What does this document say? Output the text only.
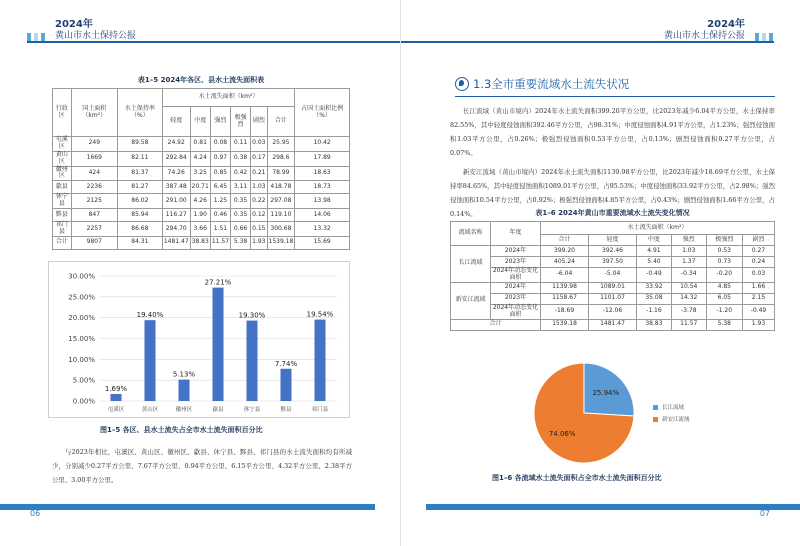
2024年
黄山市水土保持公报
表1–5 2024年各区、县水土流失面积表
行政区	国土面积（km²）	水土保持率（%）	水土流失面积（km²）						占国土面积比例（%）
			轻度	中度	强烈	极强烈	剧烈	合计	
屯溪区	249	89.58	24.92	0.81	0.08	0.11	0.03	25.95	10.42
黄山区	1669	82.11	292.84	4.24	0.97	0.38	0.17	298.6	17.89
徽州区	424	81.37	74.26	3.25	0.85	0.42	0.21	78.99	18.63
歙县	2236	81.27	387.48	20.71	6.45	3.11	1.03	418.78	18.73
休宁县	2125	86.02	291.00	4.26	1.25	0.35	0.22	297.08	13.98
黟县	847	85.94	116.27	1.90	0.46	0.35	0.12	119.10	14.06
祁门县	2257	86.68	294.70	3.66	1.51	0.66	0.15	300.68	13.32
合计	9807	84.31	1481.47	38.83	11.57	5.38	1.93	1539.18	15.69
0.00%
5.00%
10.00%
15.00%
20.00%
25.00%
30.00%
1.69%
屯溪区
19.40%
黄山区
5.13%
徽州区
27.21%
歙县
19.30%
休宁县
7.74%
黟县
19.54%
祁门县
图1–5 各区、县水土流失占全市水土流失面积百分比
与2023年相比，屯溪区、黄山区、徽州区、歙县、休宁县、黟县、祁门县的水土流失面积均有所减少，分别减少0.27平方公里、7.67平方公里、0.94平方公里、6.15平方公里、4.32平方公里、2.38平方公里、3.00平方公里。
06
2024年
黄山市水土保持公报
07
1.3全市重要流域水土流失状况
长江流域（黄山市境内）2024年水土流失面积399.20平方公里，比2023年减少6.04平方公里，水土保持率82.55%，其中轻度侵蚀面积392.46平方公里，占98.31%；中度侵蚀面积4.91平方公里，占1.23%；强烈侵蚀面积1.03平方公里，占0.26%；极强烈侵蚀面积0.53平方公里，占0.13%；剧烈侵蚀面积0.27平方公里，占0.07%。
新安江流域（黄山市境内）2024年水土流失面积1139.98平方公里，比2023年减少18.69平方公里，水土保持率84.65%，其中轻度侵蚀面积1089.01平方公里，占95.53%；中度侵蚀面积33.92平方公里，占2.98%；强烈侵蚀面积10.54平方公里，占0.92%；极强烈侵蚀面积4.85平方公里，占0.43%；剧烈侵蚀面积1.66平方公里，占0.14%。	表1–6 2024年黄山市重要流域水土流失变化情况
流域名称	年度	水土流失面积（km²）					
		合计	轻度	中度	强烈	极强烈	剧烈
长江流域	2024年	399.20	392.46	4.91	1.03	0.53	0.27
	2023年	405.24	397.50	5.40	1.37	0.73	0.24
	2024年动态变化面积	-6.04	-5.04	-0.49	-0.34	-0.20	0.03
新安江流域	2024年	1139.98	1089.01	33.92	10.54	4.85	1.66
	2023年	1158.67	1101.07	35.08	14.32	6.05	2.15
	2024年动态变化面积	-18.69	-12.06	-1.16	-3.78	-1.20	-0.49
合计		1539.18	1481.47	38.83	11.57	5.38	1.93
25.94%
74.06%
长江流域
新安江流域
图1–6 各流域水土流失面积占全市水土流失面积百分比
